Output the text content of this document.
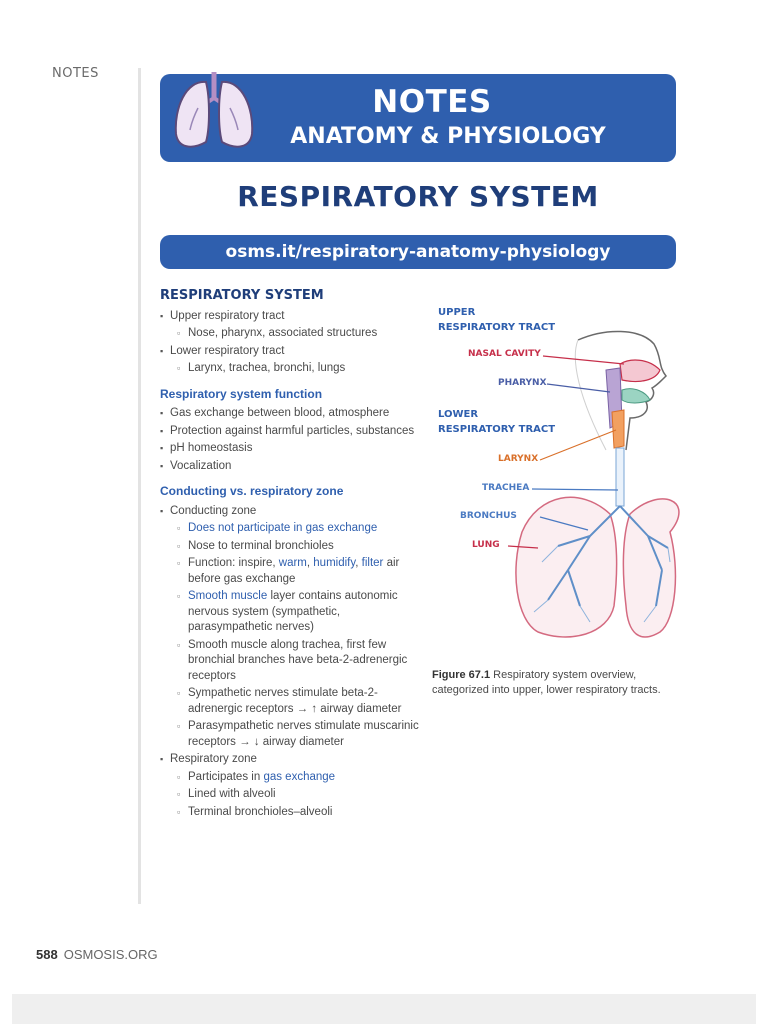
NOTES
NOTES
ANATOMY & PHYSIOLOGY
RESPIRATORY SYSTEM
osms.it/respiratory-anatomy-physiology
RESPIRATORY SYSTEM
▪ Upper respiratory tract
▫ Nose, pharynx, associated structures
▪ Lower respiratory tract
▫ Larynx, trachea, bronchi, lungs
Respiratory system function
▪ Gas exchange between blood, atmosphere
▪ Protection against harmful particles, substances
▪ pH homeostasis
▪ Vocalization
Conducting vs. respiratory zone
▪ Conducting zone
▫ Does not participate in gas exchange
▫ Nose to terminal bronchioles
▫ Function: inspire, warm, humidify, filter air before gas exchange
▫ Smooth muscle layer contains autonomic nervous system (sympathetic, parasympathetic nerves)
▫ Smooth muscle along trachea, first few bronchial branches have beta-2-adrenergic receptors
▫ Sympathetic nerves stimulate beta-2-adrenergic receptors → ↑ airway diameter
▫ Parasympathetic nerves stimulate muscarinic receptors → ↓ airway diameter
▪ Respiratory zone
▫ Participates in gas exchange
▫ Lined with alveoli
▫ Terminal bronchioles–alveoli
UPPER
RESPIRATORY TRACT
NASAL CAVITY
PHARYNX
LOWER
RESPIRATORY TRACT
LARYNX
TRACHEA
BRONCHUS
LUNG
Figure 67.1 Respiratory system overview, categorized into upper, lower respiratory tracts.
588 OSMOSIS.ORG
